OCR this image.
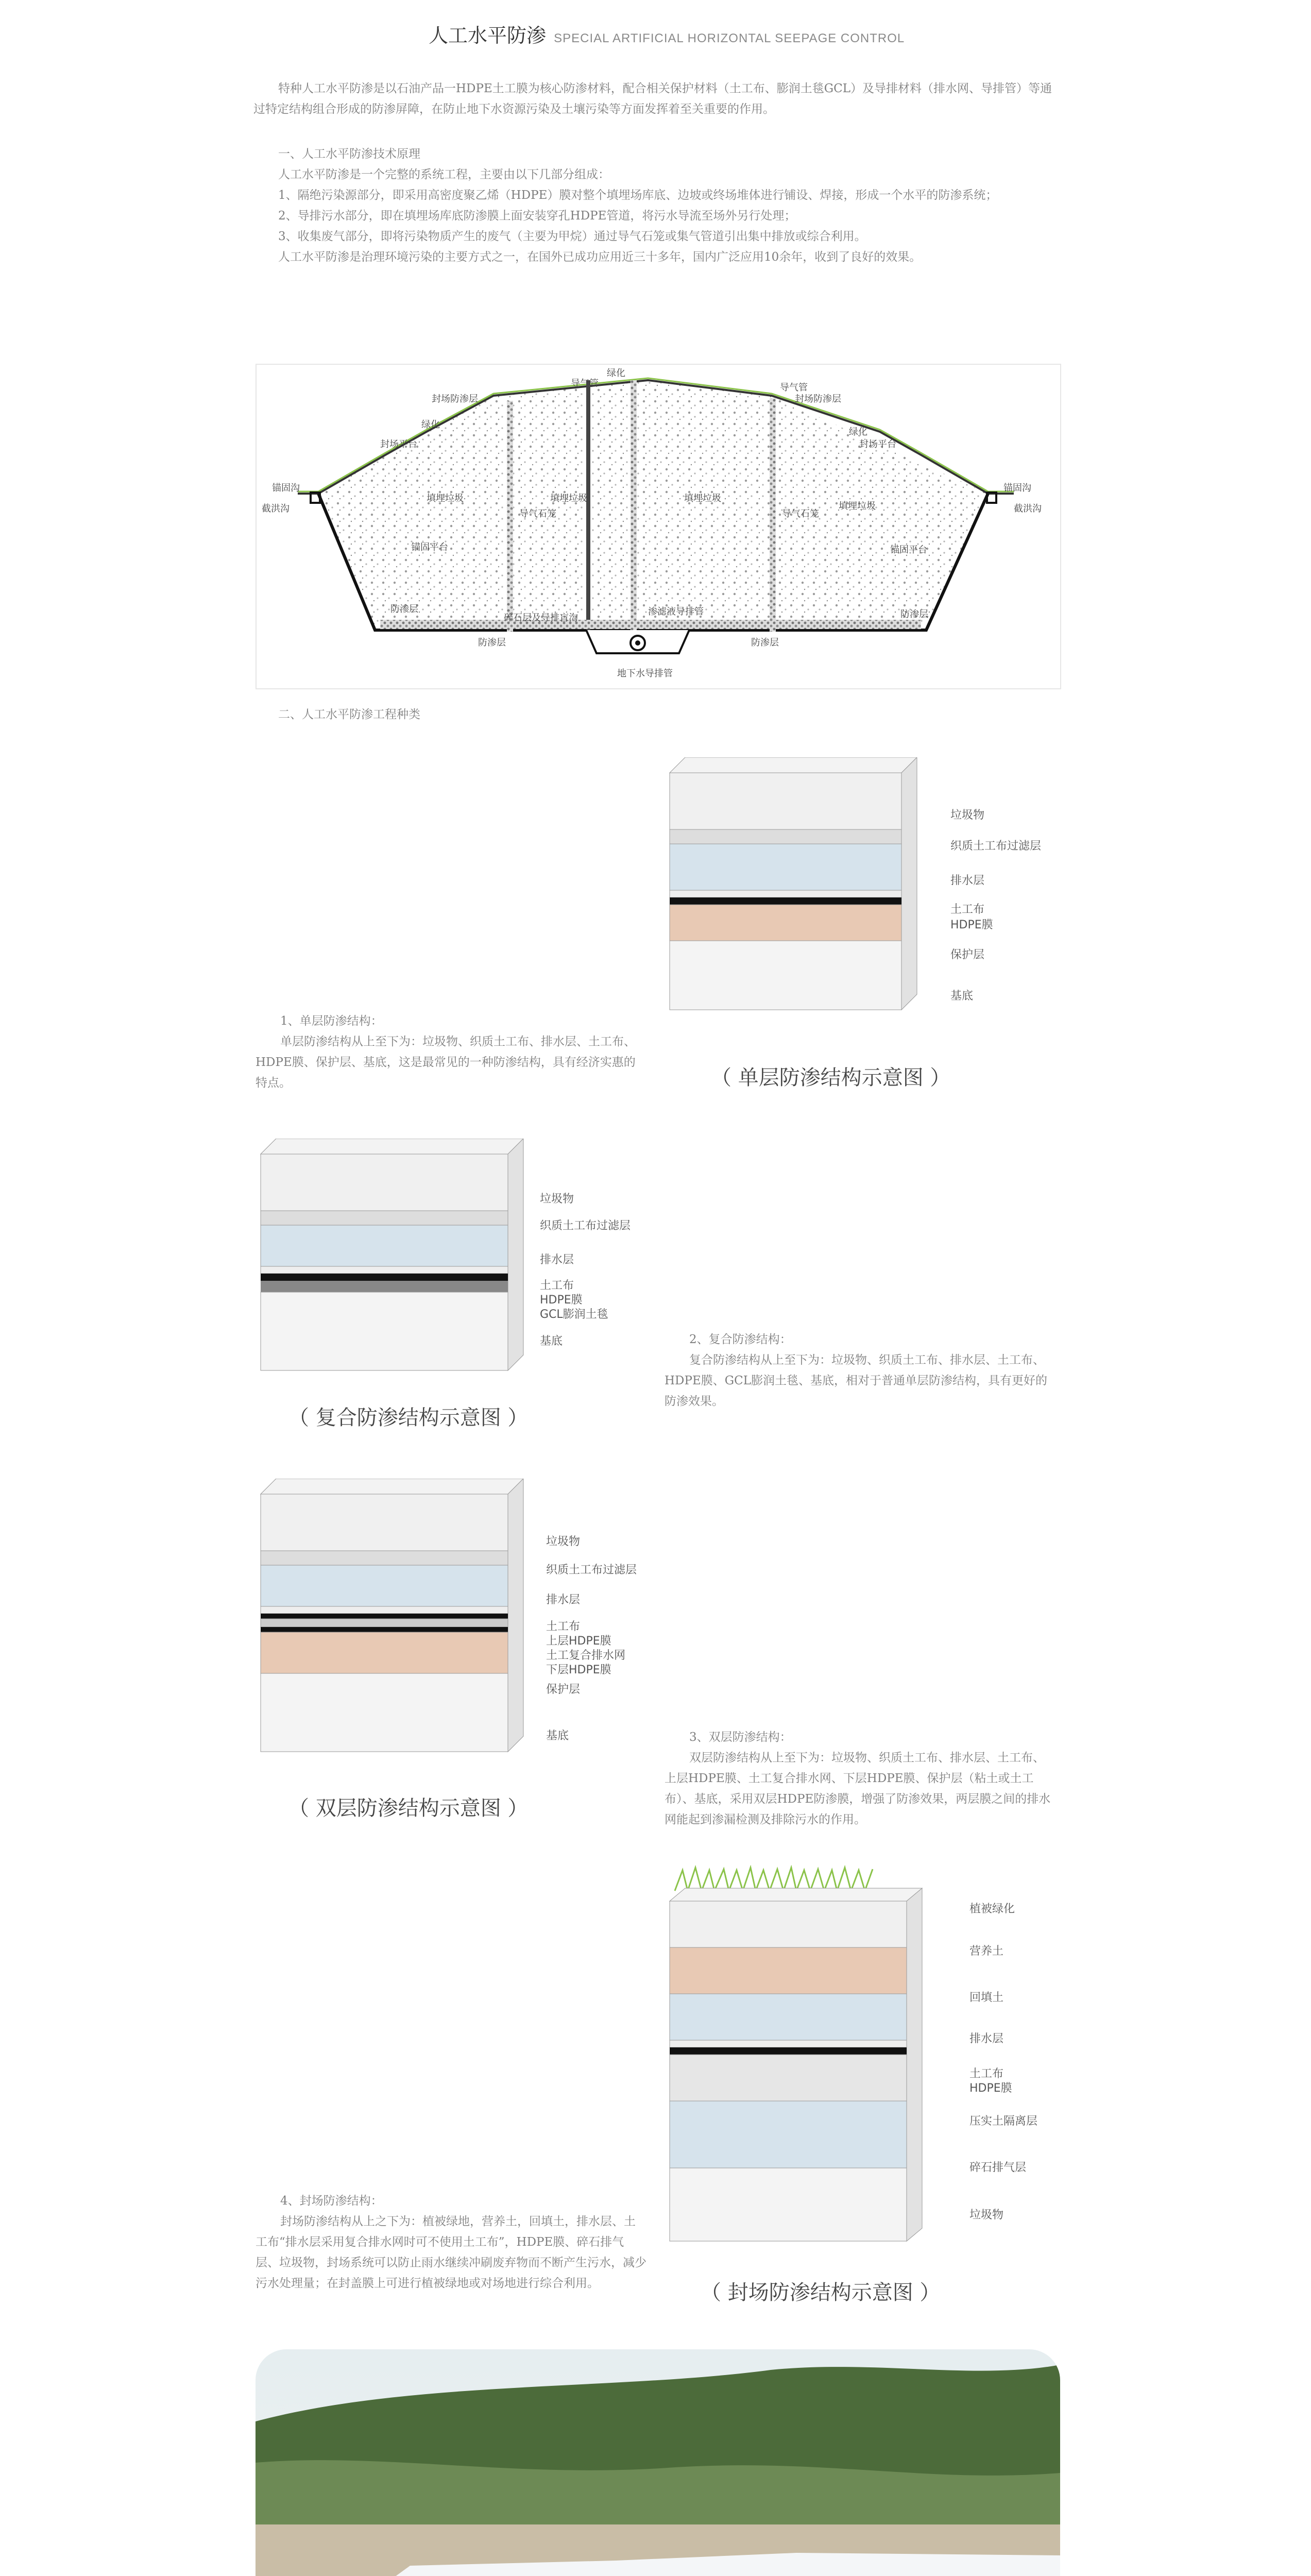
人工水平防渗 SPECIAL ARTIFICIAL HORIZONTAL SEEPAGE CONTROL
特种人工水平防渗是以石油产品一HDPE土工膜为核心防渗材料，配合相关保护材料（土工布、膨润土毯GCL）及导排材料（排水网、导排管）等通过特定结构组合形成的防渗屏障，在防止地下水资源污染及土壤污染等方面发挥着至关重要的作用。
一、人工水平防渗技术原理
人工水平防渗是一个完整的系统工程，主要由以下几部分组成：
1、隔绝污染源部分，即采用高密度聚乙烯（HDPE）膜对整个填埋场库底、边坡或终场堆体进行铺设、焊接，形成一个水平的防渗系统；
2、导排污水部分，即在填埋场库底防渗膜上面安装穿孔HDPE管道，将污水导流至场外另行处理；
3、收集废气部分，即将污染物质产生的废气（主要为甲烷）通过导气石笼或集气管道引出集中排放或综合利用。
人工水平防渗是治理环境污染的主要方式之一，在国外已成功应用近三十多年，国内广泛应用10余年，收到了良好的效果。
导气管	导气管
绿化
封场防渗层	封场防渗层
绿化
绿化
封场平台	封场平台
锚固沟	锚固沟
截洪沟	截洪沟
填埋垃圾	填埋垃圾	填埋垃圾
填埋垃圾
导气石笼	导气石笼
锚固平台	锚固平台
防渗层	防渗层
渗滤液导排管
碎石层及导排盲沟
防渗层	防渗层
地下水导排管
二、人工水平防渗工程种类
垃圾物
织质土工布过滤层
排水层
土工布
HDPE膜
保护层
基底
（ 单层防渗结构示意图 ）
1、单层防渗结构：
单层防渗结构从上至下为：垃圾物、织质土工布、排水层、土工布、HDPE膜、保护层、基底，这是最常见的一种防渗结构，具有经济实惠的特点。
垃圾物
织质土工布过滤层
排水层
土工布
HDPE膜
GCL膨润土毯
基底
（ 复合防渗结构示意图 ）
2、复合防渗结构：
复合防渗结构从上至下为：垃圾物、织质土工布、排水层、土工布、HDPE膜、GCL膨润土毯、基底，相对于普通单层防渗结构，具有更好的防渗效果。
垃圾物
织质土工布过滤层
排水层
土工布
上层HDPE膜
土工复合排水网
下层HDPE膜
保护层
基底
（ 双层防渗结构示意图 ）
3、双层防渗结构：
双层防渗结构从上至下为：垃圾物、织质土工布、排水层、土工布、上层HDPE膜、土工复合排水网、下层HDPE膜、保护层（粘土或土工布）、基底，采用双层HDPE防渗膜，增强了防渗效果，两层膜之间的排水网能起到渗漏检测及排除污水的作用。
植被绿化
营养土
回填土
排水层
土工布
HDPE膜
压实土隔离层
碎石排气层
垃圾物
（ 封场防渗结构示意图 ）
4、封场防渗结构：
封场防渗结构从上之下为：植被绿地，营养土，回填土，排水层、土工布“排水层采用复合排水网时可不使用土工布”，HDPE膜、碎石排气层、垃圾物，封场系统可以防止雨水继续冲刷废弃物而不断产生污水，减少污水处理量；在封盖膜上可进行植被绿地或对场地进行综合利用。
